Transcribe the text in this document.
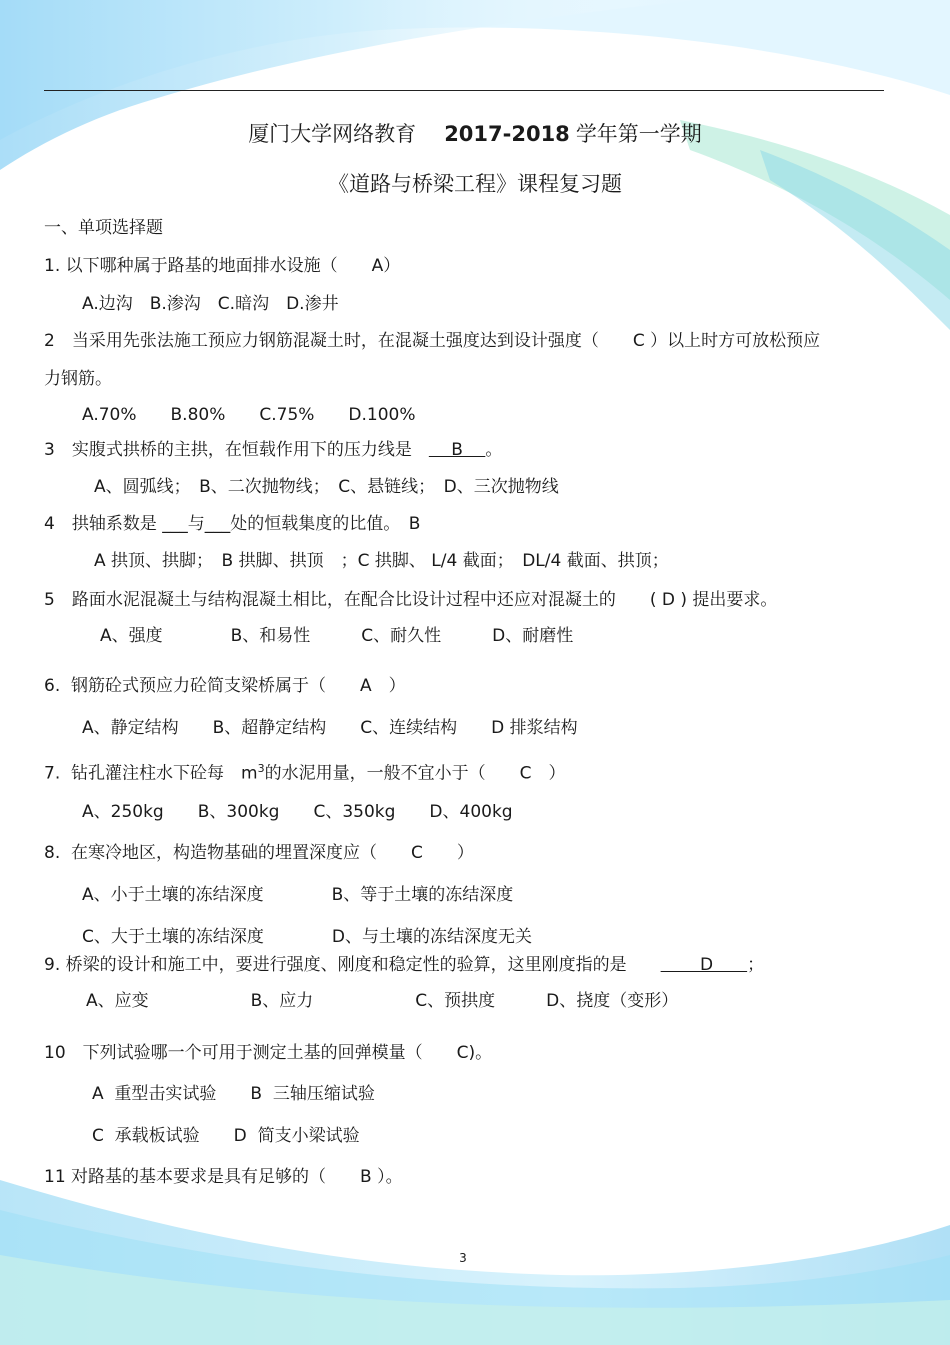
厦门大学网络教育 2017-2018 学年第一学期
《道路与桥梁工程》课程复习题
一、单项选择题
1. 以下哪种属于路基的地面排水设施（　　A）
A.边沟　B.渗沟　C.暗沟　D.渗井
2　当采用先张法施工预应力钢筋混凝土时，在混凝土强度达到设计强度（　　C ）以上时方可放松预应
力钢筋。
A.70%　　B.80%　　C.75%　　D.100%
3　实腹式拱桥的主拱，在恒载作用下的压力线是　　 B　 。
A、圆弧线；　B、二次抛物线；　C、悬链线；　D、三次抛物线
4　拱轴系数是 ___与___处的恒载集度的比值。　B
A 拱顶、拱脚；　B 拱脚、拱顶　；C 拱脚、 L/4 截面；　DL/4 截面、拱顶；
5　路面水泥混凝土与结构混凝土相比，在配合比设计过程中还应对混凝土的　　( D ) 提出要求。
A、强度　　　　B、和易性　　　C、耐久性　　　D、耐磨性
6.  钢筋砼式预应力砼简支梁桥属于（　　A　）
A、静定结构　　B、超静定结构　　C、连续结构　　D 排浆结构
7.  钻孔灌注柱水下砼每　$m^3$的水泥用量，一般不宜小于（　　C　）
A、250kg　　B、300kg　　C、350kg　　D、400kg
8.  在寒冷地区，构造物基础的埋置深度应（　　C　　）
A、小于土壤的冻结深度　　　　B、等于土壤的冻结深度
C、大于土壤的冻结深度　　　　D、与土壤的冻结深度无关
9. 桥梁的设计和施工中，要进行强度、刚度和稳定性的验算，这里刚度指的是　　　　 D　　；
A、应变　　　　　　B、应力　　　　　　C、预拱度　　　D、挠度（变形）
10　下列试验哪一个可用于测定土基的回弹模量（　　C)。
A  重型击实试验　　B  三轴压缩试验
C  承载板试验　　D  简支小梁试验
11 对路基的基本要求是具有足够的（　　B ）。
3
